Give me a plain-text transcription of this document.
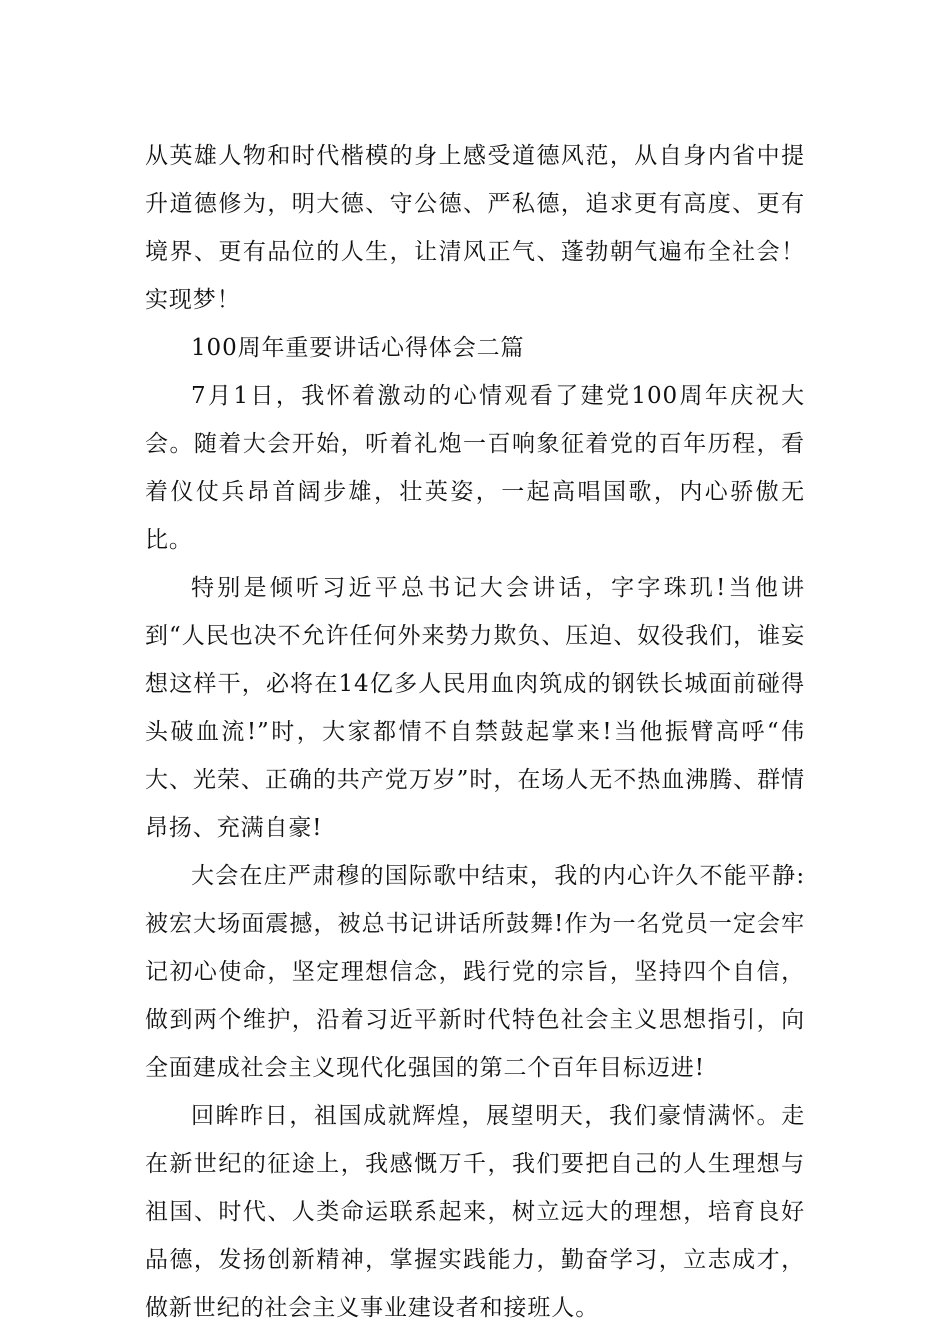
从英雄人物和时代楷模的身上感受道德风范，从自身内省中提升道德修为，明大德、守公德、严私德，追求更有高度、更有境界、更有品位的人生，让清风正气、蓬勃朝气遍布全社会！实现梦！

100周年重要讲话心得体会二篇

7月1日，我怀着激动的心情观看了建党100周年庆祝大会。随着大会开始，听着礼炮一百响象征着党的百年历程，看着仪仗兵昂首阔步雄，壮英姿，一起高唱国歌，内心骄傲无比。

特别是倾听习近平总书记大会讲话，字字珠玑!当他讲到“人民也决不允许任何外来势力欺负、压迫、奴役我们，谁妄想这样干，必将在14亿多人民用血肉筑成的钢铁长城面前碰得头破血流!”时，大家都情不自禁鼓起掌来!当他振臂高呼“伟大、光荣、正确的共产党万岁”时，在场人无不热血沸腾、群情昂扬、充满自豪!

大会在庄严肃穆的国际歌中结束，我的内心许久不能平静:被宏大场面震撼，被总书记讲话所鼓舞!作为一名党员一定会牢记初心使命，坚定理想信念，践行党的宗旨，坚持四个自信，做到两个维护，沿着习近平新时代特色社会主义思想指引，向全面建成社会主义现代化强国的第二个百年目标迈进!

回眸昨日，祖国成就辉煌，展望明天，我们豪情满怀。走在新世纪的征途上，我感慨万千，我们要把自己的人生理想与祖国、时代、人类命运联系起来，树立远大的理想，培育良好品德，发扬创新精神，掌握实践能力，勤奋学习，立志成才，做新世纪的社会主义事业建设者和接班人。
